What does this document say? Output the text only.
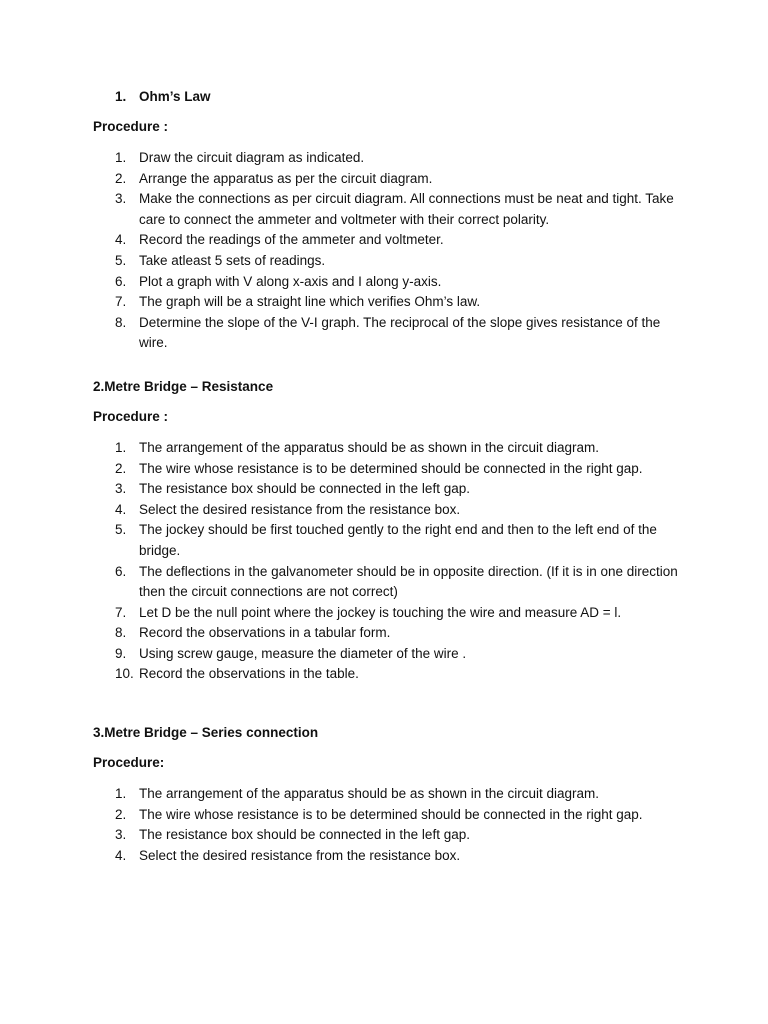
1. Ohm’s Law

Procedure :

1. Draw the circuit diagram as indicated.
2. Arrange the apparatus as per the circuit diagram.
3. Make the connections as per circuit diagram. All connections must be neat and tight. Take care to connect the ammeter and voltmeter with their correct polarity.
4. Record the readings of the ammeter and voltmeter.
5. Take atleast 5 sets of readings.
6. Plot a graph with V along x-axis and I along y-axis.
7. The graph will be a straight line which verifies Ohm’s law.
8. Determine the slope of the V-I graph. The reciprocal of the slope gives resistance of the wire.

2.Metre Bridge – Resistance

Procedure :

1. The arrangement of the apparatus should be as shown in the circuit diagram.
2. The wire whose resistance is to be determined should be connected in the right gap.
3. The resistance box should be connected in the left gap.
4. Select the desired resistance from the resistance box.
5. The jockey should be first touched gently to the right end and then to the left end of the bridge.
6. The deflections in the galvanometer should be in opposite direction. (If it is in one direction then the circuit connections are not correct)
7. Let D be the null point where the jockey is touching the wire and measure AD = l.
8. Record the observations in a tabular form.
9. Using screw gauge, measure the diameter of the wire .
10. Record the observations in the table.

3.Metre Bridge – Series connection

Procedure:

1. The arrangement of the apparatus should be as shown in the circuit diagram.
2. The wire whose resistance is to be determined should be connected in the right gap.
3. The resistance box should be connected in the left gap.
4. Select the desired resistance from the resistance box.
